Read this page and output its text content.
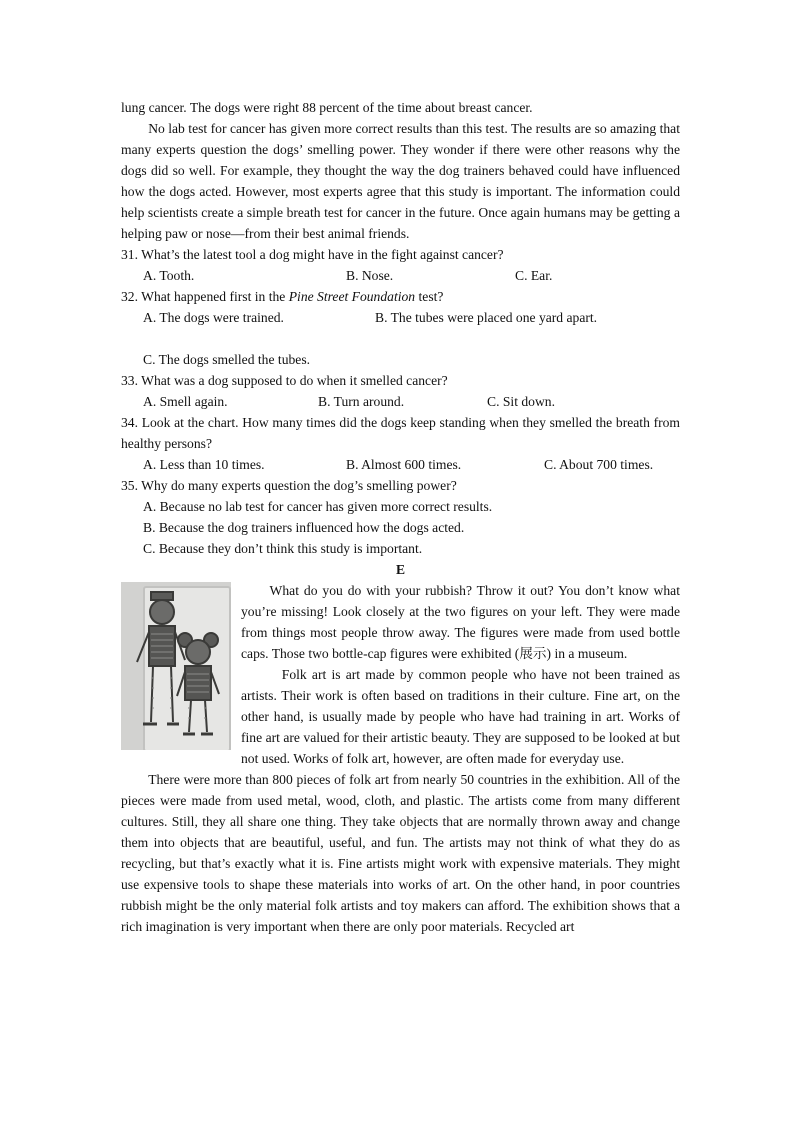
lung cancer. The dogs were right 88 percent of the time about breast cancer.

No lab test for cancer has given more correct results than this test. The results are so amazing that many experts question the dogs’ smelling power. They wonder if there were other reasons why the dogs did so well. For example, they thought the way the dog trainers behaved could have influenced how the dogs acted. However, most experts agree that this study is important. The information could help scientists create a simple breath test for cancer in the future. Once again humans may be getting a helping paw or nose—from their best animal friends.

31. What’s the latest tool a dog might have in the fight against cancer?

A. Tooth.	B. Nose.	C. Ear.

32. What happened first in the Pine Street Foundation test?

A. The dogs were trained.	B. The tubes were placed one yard apart.
C. The dogs smelled the tubes.

33. What was a dog supposed to do when it smelled cancer?

A. Smell again.	B. Turn around.	C. Sit down.

34. Look at the chart. How many times did the dogs keep standing when they smelled the breath from healthy persons?

A. Less than 10 times.	B. Almost 600 times.	C. About 700 times.

35. Why do many experts question the dog’s smelling power?

A. Because no lab test for cancer has given more correct results.
B. Because the dog trainers influenced how the dogs acted.
C. Because they don’t think this study is important.

E

What do you do with your rubbish? Throw it out? You don’t know what you’re missing! Look closely at the two figures on your left. They were made from things most people throw away. The figures were made from used bottle caps. Those two bottle-cap figures were exhibited (展示) in a museum.

Folk art is art made by common people who have not been trained as artists. Their work is often based on traditions in their culture. Fine art, on the other hand, is usually made by people who have had training in art. Works of fine art are valued for their artistic beauty. They are supposed to be looked at but not used. Works of folk art, however, are often made for everyday use.

There were more than 800 pieces of folk art from nearly 50 countries in the exhibition. All of the pieces were made from used metal, wood, cloth, and plastic. The artists come from many different cultures. Still, they all share one thing. They take objects that are normally thrown away and change them into objects that are beautiful, useful, and fun. The artists may not think of what they do as recycling, but that’s exactly what it is. Fine artists might work with expensive materials. They might use expensive tools to shape these materials into works of art. On the other hand, in poor countries rubbish might be the only material folk artists and toy makers can afford. The exhibition shows that a rich imagination is very important when there are only poor materials. Recycled art
